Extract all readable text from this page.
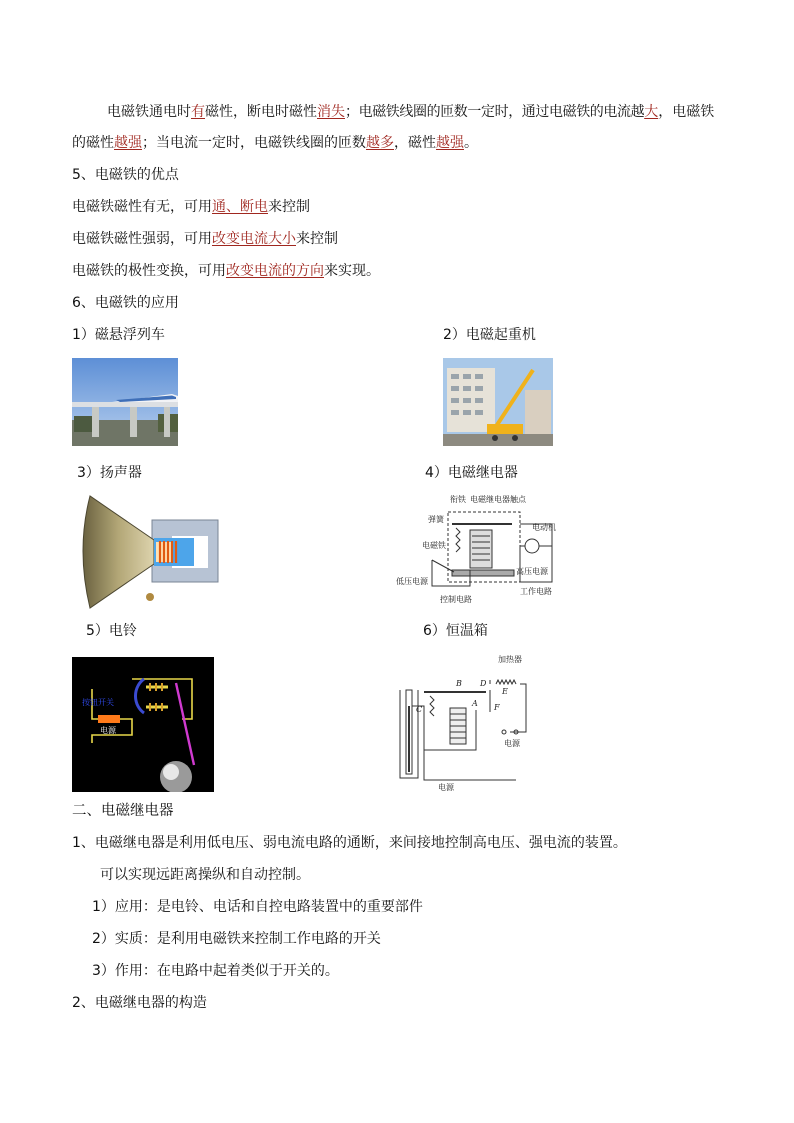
电磁铁通电时有磁性，断电时磁性消失；电磁铁线圈的匝数一定时，通过电磁铁的电流越大，电磁铁
的磁性越强；当电流一定时，电磁铁线圈的匝数越多，磁性越强。
5、电磁铁的优点
电磁铁磁性有无，可用通、断电来控制
电磁铁磁性强弱，可用改变电流大小来控制
电磁铁的极性变换，可用改变电流的方向来实现。
6、电磁铁的应用
1）磁悬浮列车	2）电磁起重机
3）扬声器	4）电磁继电器
衔铁 电磁继电器 触点
弹簧
电动机
电磁铁
高压电源
低压电源
控制电路
工作电路
5）电铃	6）恒温箱
按钮开关
电源
加热器
B
A
C
D
E
F
电源
电源
二、电磁继电器
1、电磁继电器是利用低电压、弱电流电路的通断，来间接地控制高电压、强电流的装置。
可以实现远距离操纵和自动控制。
1）应用：是电铃、电话和自控电路装置中的重要部件
2）实质：是利用电磁铁来控制工作电路的开关
3）作用：在电路中起着类似于开关的。
2、电磁继电器的构造
